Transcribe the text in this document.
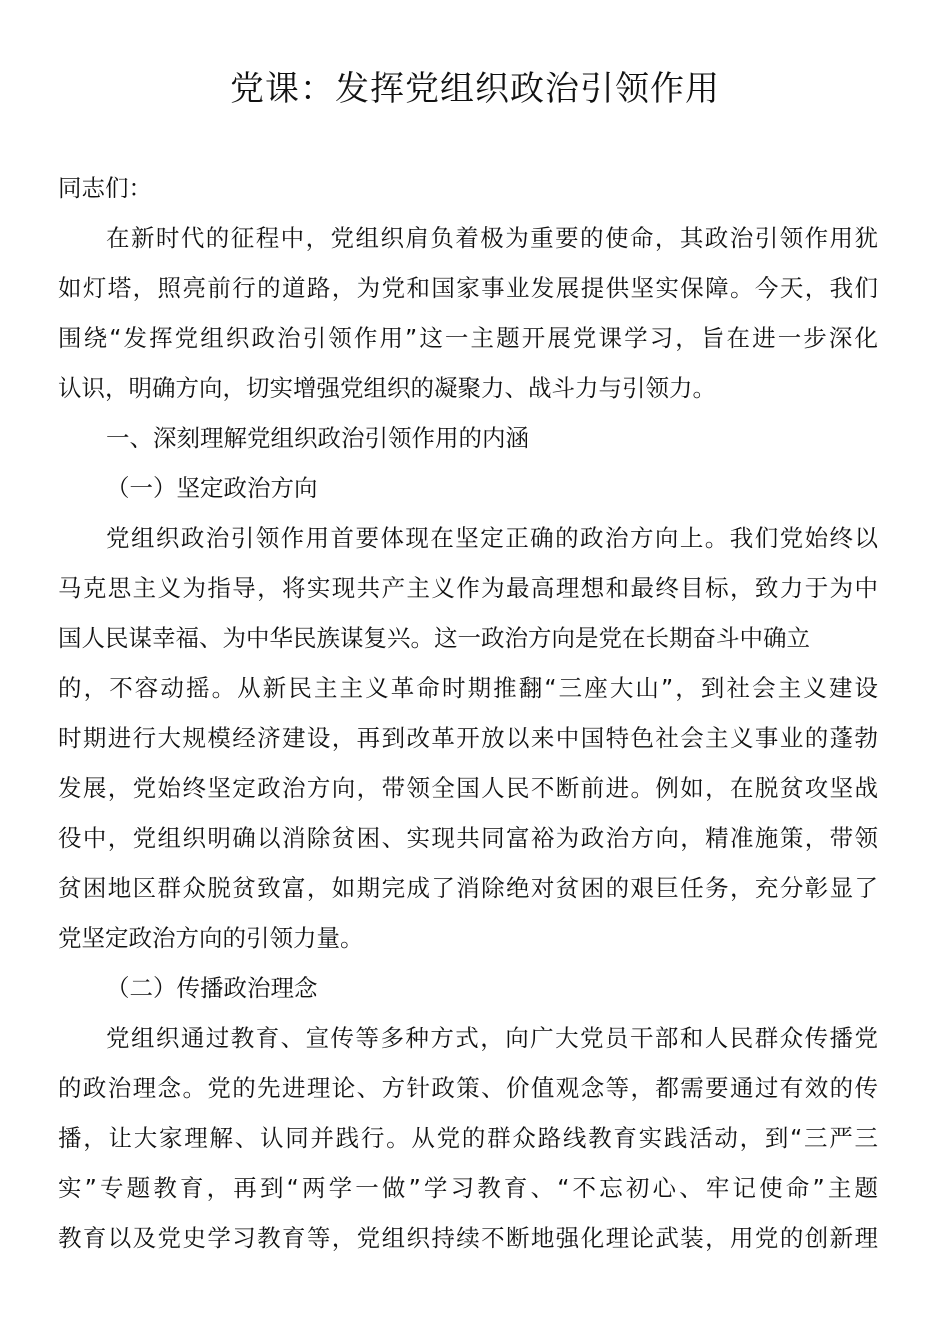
党课：发挥党组织政治引领作用

同志们：

在新时代的征程中，党组织肩负着极为重要的使命，其政治引领作用犹
如灯塔，照亮前行的道路，为党和国家事业发展提供坚实保障。今天，我们
围绕“发挥党组织政治引领作用”这一主题开展党课学习，旨在进一步深化
认识，明确方向，切实增强党组织的凝聚力、战斗力与引领力。

一、深刻理解党组织政治引领作用的内涵

（一）坚定政治方向

党组织政治引领作用首要体现在坚定正确的政治方向上。我们党始终以
马克思主义为指导，将实现共产主义作为最高理想和最终目标，致力于为中
国人民谋幸福、为中华民族谋复兴。这一政治方向是党在长期奋斗中确立
的，不容动摇。从新民主主义革命时期推翻“三座大山”，到社会主义建设
时期进行大规模经济建设，再到改革开放以来中国特色社会主义事业的蓬勃
发展，党始终坚定政治方向，带领全国人民不断前进。例如，在脱贫攻坚战
役中，党组织明确以消除贫困、实现共同富裕为政治方向，精准施策，带领
贫困地区群众脱贫致富，如期完成了消除绝对贫困的艰巨任务，充分彰显了
党坚定政治方向的引领力量。

（二）传播政治理念

党组织通过教育、宣传等多种方式，向广大党员干部和人民群众传播党
的政治理念。党的先进理论、方针政策、价值观念等，都需要通过有效的传
播，让大家理解、认同并践行。从党的群众路线教育实践活动，到“三严三
实”专题教育，再到“两学一做”学习教育、“不忘初心、牢记使命”主题
教育以及党史学习教育等，党组织持续不断地强化理论武装，用党的创新理
